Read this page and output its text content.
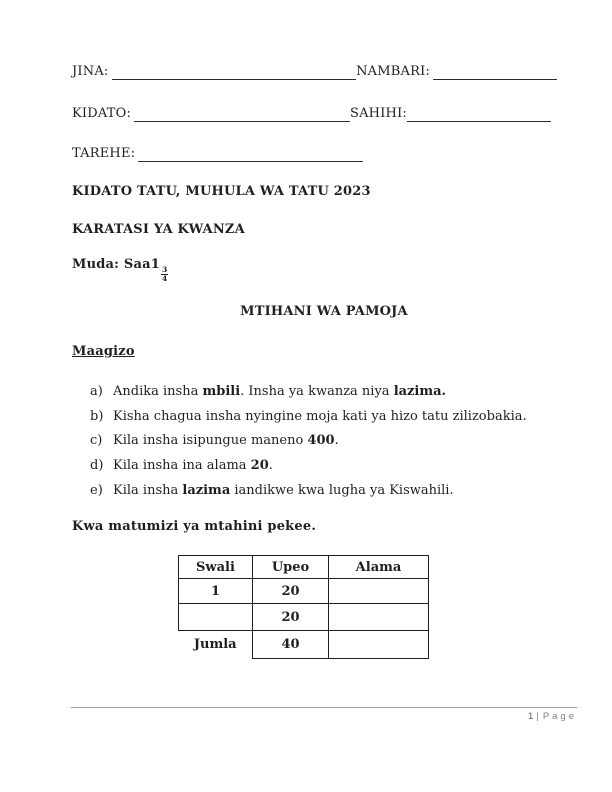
JINA:	NAMBARI:
KIDATO:	SAHIHI:
TAREHE:
KIDATO TATU, MUHULA WA TATU 2023
KARATASI YA KWANZA
Muda: Saa1
$\frac{3}{4}$
MTIHANI WA PAMOJA
Maagizo
a) Andika insha mbili. Insha ya kwanza niya lazima.
b) Kisha chagua insha nyingine moja kati ya hizo tatu zilizobakia.
c) Kila insha isipungue maneno 400.
d) Kila insha ina alama 20.
e) Kila insha lazima iandikwe kwa lugha ya Kiswahili.
Kwa matumizi ya mtahini pekee.
Swali	Upeo	Alama
1	20	
	20	
Jumla	40	
1 | Page
